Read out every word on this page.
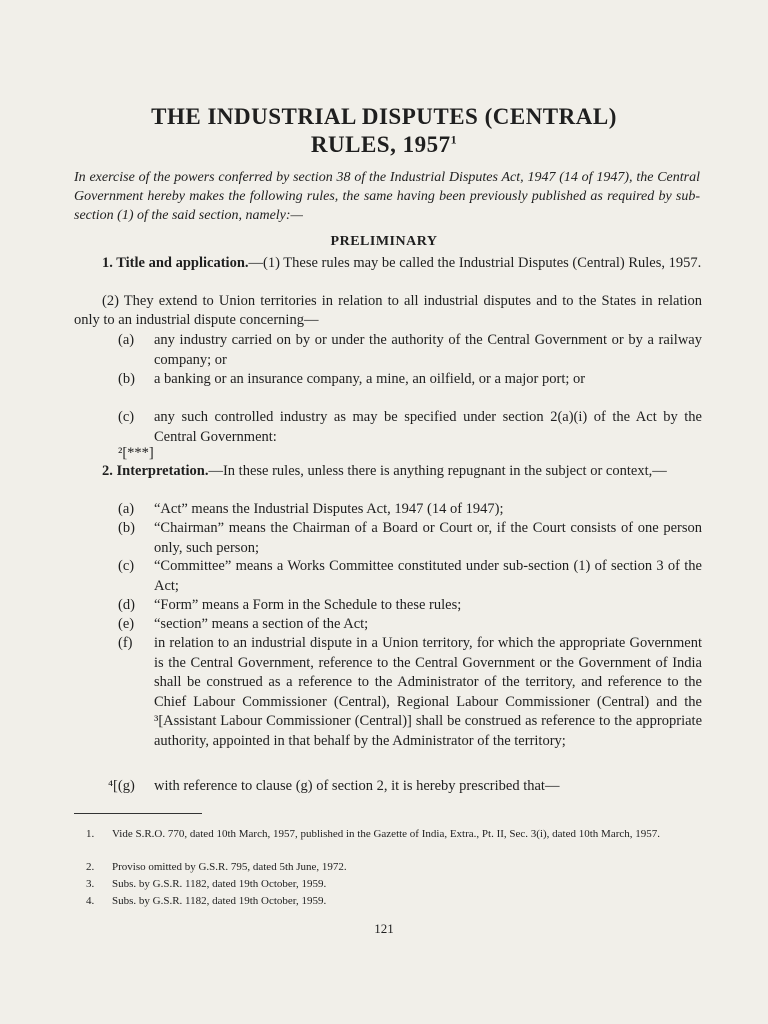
THE INDUSTRIAL DISPUTES (CENTRAL)
RULES, 1957$^1$
In exercise of the powers conferred by section 38 of the Industrial Disputes Act, 1947 (14 of 1947), the Central Government hereby makes the following rules, the same having been previously published as required by sub-section (1) of the said section, namely:—
PRELIMINARY
1. Title and application.—(1) These rules may be called the Industrial Disputes (Central) Rules, 1957.
(2) They extend to Union territories in relation to all industrial disputes and to the States in relation only to an industrial dispute concerning—
(a)	any industry carried on by or under the authority of the Central Government or by a railway company; or
(b)	a banking or an insurance company, a mine, an oilfield, or a major port; or
(c)	any such controlled industry as may be specified under section 2(a)(i) of the Act by the Central Government:
²[***]
2. Interpretation.—In these rules, unless there is anything repugnant in the subject or context,—
(a)	“Act” means the Industrial Disputes Act, 1947 (14 of 1947);
(b)	“Chairman” means the Chairman of a Board or Court or, if the Court consists of one person only, such person;
(c)	“Committee” means a Works Committee constituted under sub-section (1) of section 3 of the Act;
(d)	“Form” means a Form in the Schedule to these rules;
(e)	“section” means a section of the Act;
(f)	in relation to an industrial dispute in a Union territory, for which the appropriate Government is the Central Government, reference to the Central Government or the Government of India shall be construed as a reference to the Administrator of the territory, and reference to the Chief Labour Commissioner (Central), Regional Labour Commissioner (Central) and the ³[Assistant Labour Commissioner (Central)] shall be construed as reference to the appropriate authority, appointed in that behalf by the Administrator of the territory;
⁴[(g)	with reference to clause (g) of section 2, it is hereby prescribed that—
1. Vide S.R.O. 770, dated 10th March, 1957, published in the Gazette of India, Extra., Pt. II, Sec. 3(i), dated 10th March, 1957.
2. Proviso omitted by G.S.R. 795, dated 5th June, 1972.
3. Subs. by G.S.R. 1182, dated 19th October, 1959.
4. Subs. by G.S.R. 1182, dated 19th October, 1959.
121
